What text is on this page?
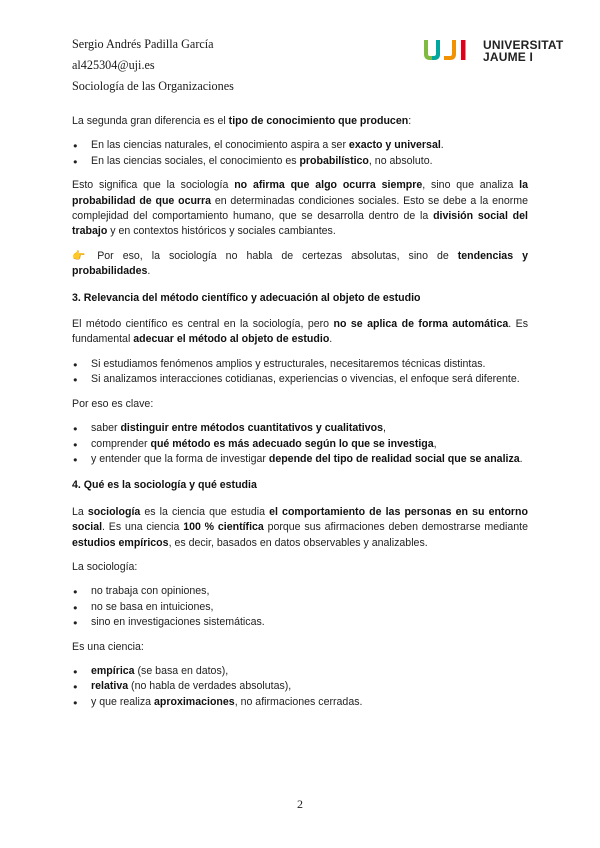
Sergio Andrés Padilla García
al425304@uji.es
Sociología de las Organizaciones
UNIVERSITAT
JAUME I

La segunda gran diferencia es el tipo de conocimiento que producen:

● En las ciencias naturales, el conocimiento aspira a ser exacto y universal.
● En las ciencias sociales, el conocimiento es probabilístico, no absoluto.

Esto significa que la sociología no afirma que algo ocurra siempre, sino que analiza la probabilidad de que ocurra en determinadas condiciones sociales. Esto se debe a la enorme complejidad del comportamiento humano, que se desarrolla dentro de la división social del trabajo y en contextos históricos y sociales cambiantes.

👉 Por eso, la sociología no habla de certezas absolutas, sino de tendencias y probabilidades.

3. Relevancia del método científico y adecuación al objeto de estudio

El método científico es central en la sociología, pero no se aplica de forma automática. Es fundamental adecuar el método al objeto de estudio.

● Si estudiamos fenómenos amplios y estructurales, necesitaremos técnicas distintas.
● Si analizamos interacciones cotidianas, experiencias o vivencias, el enfoque será diferente.

Por eso es clave:

● saber distinguir entre métodos cuantitativos y cualitativos,
● comprender qué método es más adecuado según lo que se investiga,
● y entender que la forma de investigar depende del tipo de realidad social que se analiza.
4. Qué es la sociología y qué estudia

La sociología es la ciencia que estudia el comportamiento de las personas en su entorno social. Es una ciencia 100 % científica porque sus afirmaciones deben demostrarse mediante estudios empíricos, es decir, basados en datos observables y analizables.

La sociología:

● no trabaja con opiniones,
● no se basa en intuiciones,
● sino en investigaciones sistemáticas.

Es una ciencia:

● empírica (se basa en datos),
● relativa (no habla de verdades absolutas),
● y que realiza aproximaciones, no afirmaciones cerradas.
2
